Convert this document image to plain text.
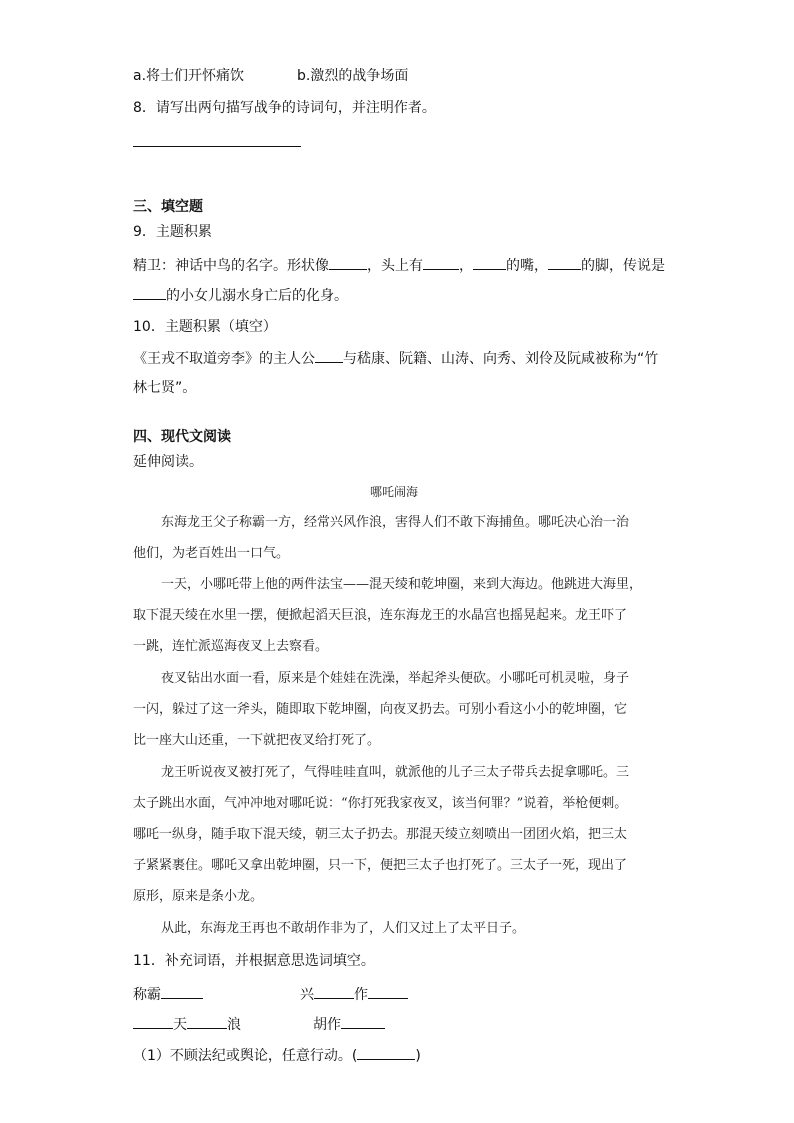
a.将士们开怀痛饮	b.激烈的战争场面
8．请写出两句描写战争的诗词句，并注明作者。
三、填空题
9．主题积累
精卫：神话中鸟的名字。形状像	，头上有	， 的嘴， 的脚，传说是
的小女儿溺水身亡后的化身。
10．主题积累（填空）
《王戎不取道旁李》的主人公 与嵇康、阮籍、山涛、向秀、刘伶及阮咸被称为“竹
林七贤”。
四、现代文阅读
延伸阅读。
哪吒闹海
东海龙王父子称霸一方，经常兴风作浪，害得人们不敢下海捕鱼。哪吒决心治一治
他们，为老百姓出一口气。
一天，小哪吒带上他的两件法宝——混天绫和乾坤圈，来到大海边。他跳进大海里，
取下混天绫在水里一摆，便掀起滔天巨浪，连东海龙王的水晶宫也摇晃起来。龙王吓了
一跳，连忙派巡海夜叉上去察看。
夜叉钻出水面一看，原来是个娃娃在洗澡，举起斧头便砍。小哪吒可机灵啦，身子
一闪，躲过了这一斧头，随即取下乾坤圈，向夜叉扔去。可别小看这小小的乾坤圈，它
比一座大山还重，一下就把夜叉给打死了。
龙王听说夜叉被打死了，气得哇哇直叫，就派他的儿子三太子带兵去捉拿哪吒。三
太子跳出水面，气冲冲地对哪吒说：“你打死我家夜叉，该当何罪？”说着，举枪便刺。
哪吒一纵身，随手取下混天绫，朝三太子扔去。那混天绫立刻喷出一团团火焰，把三太
子紧紧裹住。哪吒又拿出乾坤圈，只一下，便把三太子也打死了。三太子一死，现出了
原形，原来是条小龙。
从此，东海龙王再也不敢胡作非为了，人们又过上了太平日子。
11．补充词语，并根据意思选词填空。
称霸	兴	作
天	浪	胡作
（1）不顾法纪或舆论，任意行动。(	)
